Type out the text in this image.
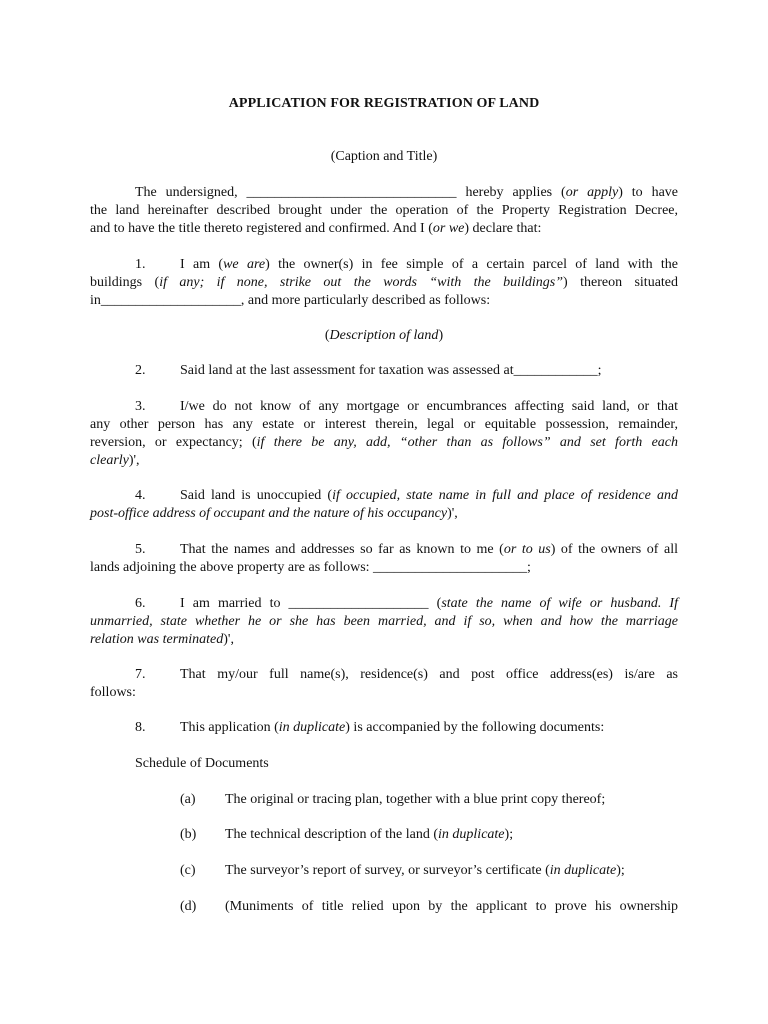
APPLICATION FOR REGISTRATION OF LAND
(Caption and Title)
The undersigned, ______________________________ hereby applies (or apply) to have
the land hereinafter described brought under the operation of the Property Registration Decree,
and to have the title thereto registered and confirmed. And I (or we) declare that:
1. I am (we are) the owner(s) in fee simple of a certain parcel of land with the
buildings (if any; if none, strike out the words “with the buildings”) thereon situated
in____________________, and more particularly described as follows:
(Description of land)
2. Said land at the last assessment for taxation was assessed at____________;
3. I/we do not know of any mortgage or encumbrances affecting said land, or that
any other person has any estate or interest therein, legal or equitable possession, remainder,
reversion, or expectancy; (if there be any, add, “other than as follows” and set forth each
clearly)',
4. Said land is unoccupied (if occupied, state name in full and place of residence and
post-office address of occupant and the nature of his occupancy)',
5. That the names and addresses so far as known to me (or to us) of the owners of all
lands adjoining the above property are as follows: ______________________;
6. I am married to ____________________ (state the name of wife or husband. If
unmarried, state whether he or she has been married, and if so, when and how the marriage
relation was terminated)',
7. That my/our full name(s), residence(s) and post office address(es) is/are as
follows:
8. This application (in duplicate) is accompanied by the following documents:
Schedule of Documents
(a) The original or tracing plan, together with a blue print copy thereof;
(b) The technical description of the land (in duplicate);
(c) The surveyor’s report of survey, or surveyor’s certificate (in duplicate);
(d) (Muniments of title relied upon by the applicant to prove his ownership
